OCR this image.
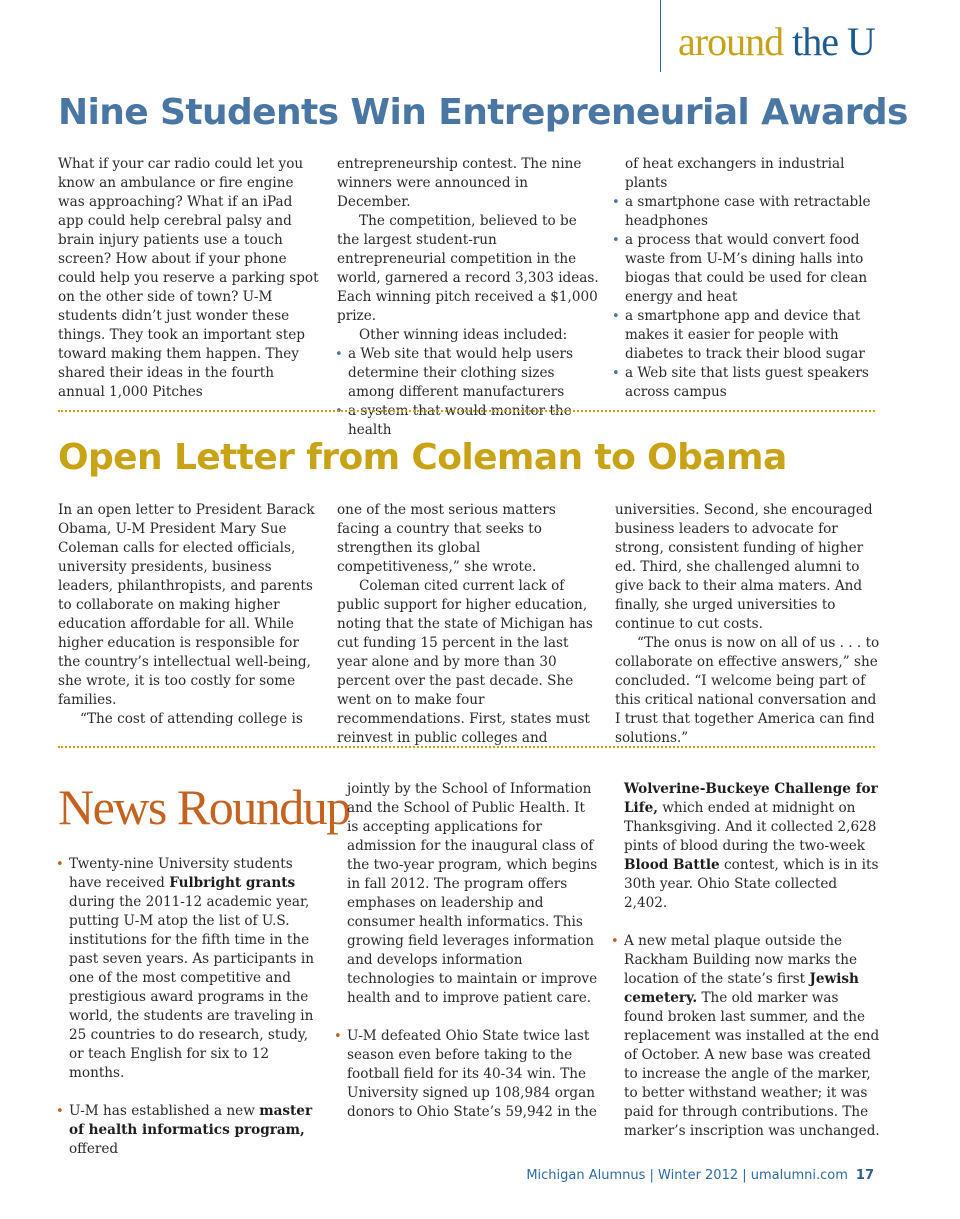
around the U
Nine Students Win Entrepreneurial Awards

What if your car radio could let you know an ambulance or fire engine was approaching? What if an iPad app could help cerebral palsy and brain injury patients use a touch screen? How about if your phone could help you reserve a parking spot on the other side of town? U-M students didn’t just wonder these things. They took an important step toward making them happen. They shared their ideas in the fourth annual 1,000 Pitches

entrepreneurship contest. The nine winners were announced in December.

The competition, believed to be the largest student-run entrepreneurial competition in the world, garnered a record 3,303 ideas. Each winning pitch received a $1,000 prize.

Other winning ideas included:

• a Web site that would help users determine their clothing sizes among different manufacturers
• a system that would monitor the health

of heat exchangers in industrial plants

• a smartphone case with retractable headphones
• a process that would convert food waste from U-M’s dining halls into biogas that could be used for clean energy and heat
• a smartphone app and device that makes it easier for people with diabetes to track their blood sugar
• a Web site that lists guest speakers across campus
Open Letter from Coleman to Obama

In an open letter to President Barack Obama, U-M President Mary Sue Coleman calls for elected officials, university presidents, business leaders, philanthropists, and parents to collaborate on making higher education affordable for all. While higher education is responsible for the country’s intellectual well-being, she wrote, it is too costly for some families.

“The cost of attending college is

one of the most serious matters facing a country that seeks to strengthen its global competitiveness,” she wrote.

Coleman cited current lack of public support for higher education, noting that the state of Michigan has cut funding 15 percent in the last year alone and by more than 30 percent over the past decade. She went on to make four recommendations. First, states must reinvest in public colleges and

universities. Second, she encouraged business leaders to advocate for strong, consistent funding of higher ed. Third, she challenged alumni to give back to their alma maters. And finally, she urged universities to continue to cut costs.

“The onus is now on all of us . . . to collaborate on effective answers,” she concluded. “I welcome being part of this critical national conversation and I trust that together America can find solutions.”

News Roundup
• Twenty-nine University students have received Fulbright grants during the 2011-12 academic year, putting U-M atop the list of U.S. institutions for the fifth time in the past seven years. As participants in one of the most competitive and prestigious award programs in the world, the students are traveling in 25 countries to do research, study, or teach English for six to 12 months.
• U-M has established a new master of health informatics program, offered

jointly by the School of Information and the School of Public Health. It is accepting applications for admission for the inaugural class of the two-year program, which begins in fall 2012. The program offers emphases on leadership and consumer health informatics. This growing field leverages information and develops information technologies to maintain or improve health and to improve patient care.

• U-M defeated Ohio State twice last season even before taking to the football field for its 40-34 win. The University signed up 108,984 organ donors to Ohio State’s 59,942 in the

Wolverine-Buckeye Challenge for Life, which ended at midnight on Thanksgiving. And it collected 2,628 pints of blood during the two-week Blood Battle contest, which is in its 30th year. Ohio State collected 2,402.

• A new metal plaque outside the Rackham Building now marks the location of the state’s first Jewish cemetery. The old marker was found broken last summer, and the replacement was installed at the end of October. A new base was created to increase the angle of the marker, to better withstand weather; it was paid for through contributions. The marker’s inscription was unchanged.
Michigan Alumnus | Winter 2012 | umalumni.com 17
